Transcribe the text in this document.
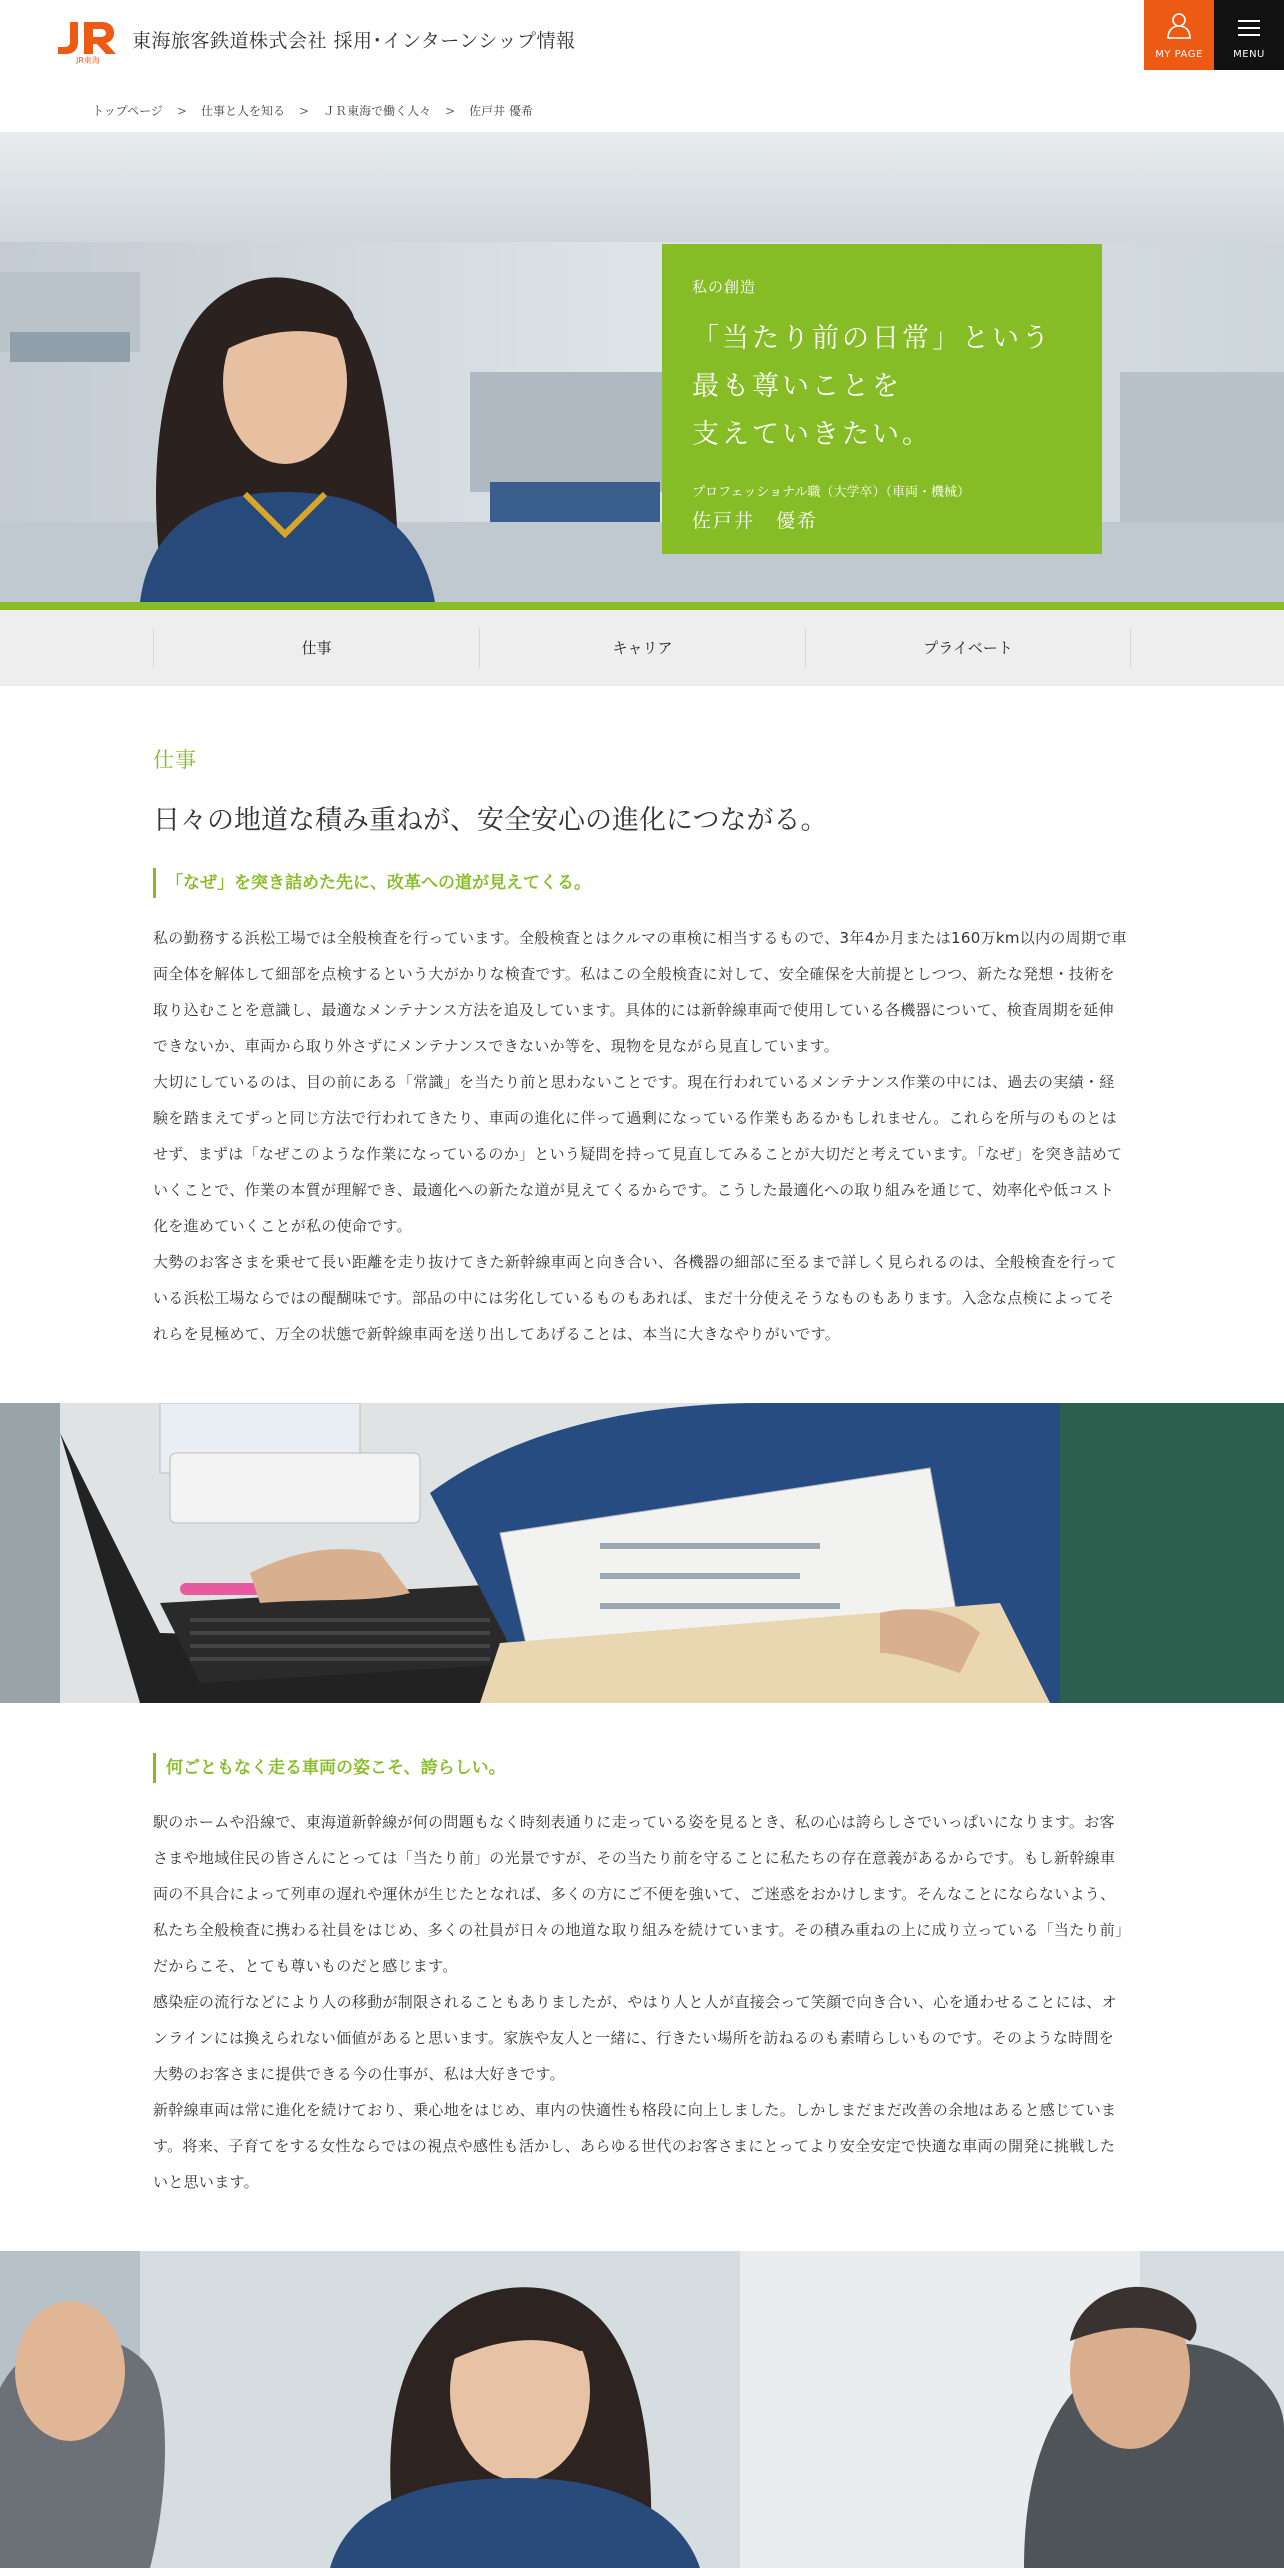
JR東海
東海旅客鉄道株式会社 採用･インターンシップ情報
MY PAGE	MENU
トップページ > 仕事と人を知る > ＪＲ東海で働く人々 > 佐戸井 優希
私の創造
「当たり前の日常」という
最も尊いことを
支えていきたい。
プロフェッショナル職（大学卒）（車両・機械）
佐戸井　優希
仕事	キャリア	プライベート
仕事
日々の地道な積み重ねが、安全安心の進化につながる。
「なぜ」を突き詰めた先に、改革への道が見えてくる。

私の勤務する浜松工場では全般検査を行っています。全般検査とはクルマの車検に相当するもので、3年4か月または160万km以内の周期で車両全体を解体して細部を点検するという大がかりな検査です。私はこの全般検査に対して、安全確保を大前提としつつ、新たな発想・技術を取り込むことを意識し、最適なメンテナンス方法を追及しています。具体的には新幹線車両で使用している各機器について、検査周期を延伸できないか、車両から取り外さずにメンテナンスできないか等を、現物を見ながら見直しています。

大切にしているのは、目の前にある「常識」を当たり前と思わないことです。現在行われているメンテナンス作業の中には、過去の実績・経験を踏まえてずっと同じ方法で行われてきたり、車両の進化に伴って過剰になっている作業もあるかもしれません。これらを所与のものとはせず、まずは「なぜこのような作業になっているのか」という疑問を持って見直してみることが大切だと考えています。「なぜ」を突き詰めていくことで、作業の本質が理解でき、最適化への新たな道が見えてくるからです。こうした最適化への取り組みを通じて、効率化や低コスト化を進めていくことが私の使命です。

大勢のお客さまを乗せて長い距離を走り抜けてきた新幹線車両と向き合い、各機器の細部に至るまで詳しく見られるのは、全般検査を行っている浜松工場ならではの醍醐味です。部品の中には劣化しているものもあれば、まだ十分使えそうなものもあります。入念な点検によってそれらを見極めて、万全の状態で新幹線車両を送り出してあげることは、本当に大きなやりがいです。

何ごともなく走る車両の姿こそ、誇らしい。

駅のホームや沿線で、東海道新幹線が何の問題もなく時刻表通りに走っている姿を見るとき、私の心は誇らしさでいっぱいになります。お客さまや地域住民の皆さんにとっては「当たり前」の光景ですが、その当たり前を守ることに私たちの存在意義があるからです。もし新幹線車両の不具合によって列車の遅れや運休が生じたとなれば、多くの方にご不便を強いて、ご迷惑をおかけします。そんなことにならないよう、私たち全般検査に携わる社員をはじめ、多くの社員が日々の地道な取り組みを続けています。その積み重ねの上に成り立っている「当たり前」だからこそ、とても尊いものだと感じます。

感染症の流行などにより人の移動が制限されることもありましたが、やはり人と人が直接会って笑顔で向き合い、心を通わせることには、オンラインには換えられない価値があると思います。家族や友人と一緒に、行きたい場所を訪ねるのも素晴らしいものです。そのような時間を大勢のお客さまに提供できる今の仕事が、私は大好きです。

新幹線車両は常に進化を続けており、乗心地をはじめ、車内の快適性も格段に向上しました。しかしまだまだ改善の余地はあると感じています。将来、子育てをする女性ならではの視点や感性も活かし、あらゆる世代のお客さまにとってより安全安定で快適な車両の開発に挑戦したいと思います。
